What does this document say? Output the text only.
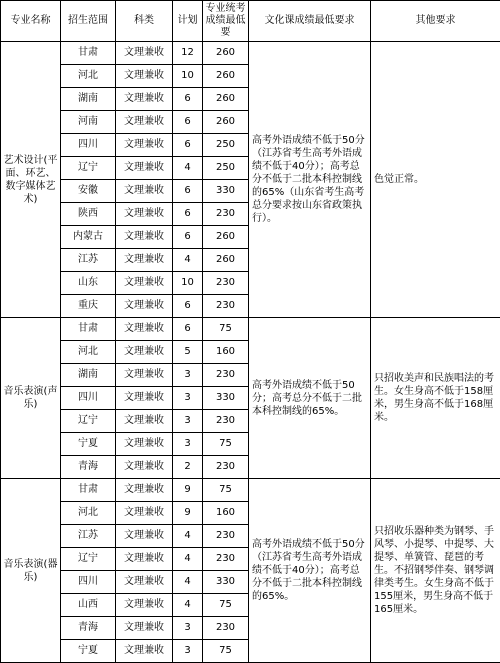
专业名称	招生范围	科类	计划	专业统考成绩最低要	文化课成绩最低要求	其他要求
艺术设计(平面、环艺、数字媒体艺术)	甘肃	文理兼收	12	260	高考外语成绩不低于50分（江苏省考生高考外语成绩不低于40分）；高考总分不低于二批本科控制线的65%（山东省考生高考总分要求按山东省政策执行）。	色觉正常。
	河北	文理兼收	10	260		
	湖南	文理兼收	6	260		
	河南	文理兼收	6	260		
	四川	文理兼收	6	250		
	辽宁	文理兼收	4	250		
	安徽	文理兼收	6	330		
	陕西	文理兼收	6	230		
	内蒙古	文理兼收	6	260		
	江苏	文理兼收	4	260		
	山东	文理兼收	10	230		
	重庆	文理兼收	6	230		
音乐表演(声乐)	甘肃	文理兼收	6	75	高考外语成绩不低于50分；高考总分不低于二批本科控制线的65%。	只招收美声和民族唱法的考生。女生身高不低于158厘米，男生身高不低于168厘米。
	河北	文理兼收	5	160		
	湖南	文理兼收	3	230		
	四川	文理兼收	3	330		
	辽宁	文理兼收	3	230		
	宁夏	文理兼收	3	75		
	青海	文理兼收	2	230		
音乐表演(器乐)	甘肃	文理兼收	9	75	高考外语成绩不低于50分（江苏省考生高考外语成绩不低于40分）；高考总分不低于二批本科控制线的65%。	只招收乐器种类为钢琴、手风琴、小提琴、中提琴、大提琴、单簧管、琵琶的考生。不招钢琴伴奏、钢琴调律类考生。女生身高不低于155厘米，男生身高不低于165厘米。
	河北	文理兼收	9	160		
	江苏	文理兼收	4	230		
	辽宁	文理兼收	4	230		
	四川	文理兼收	4	330		
	山西	文理兼收	4	75		
	青海	文理兼收	3	230		
	宁夏	文理兼收	3	75		
